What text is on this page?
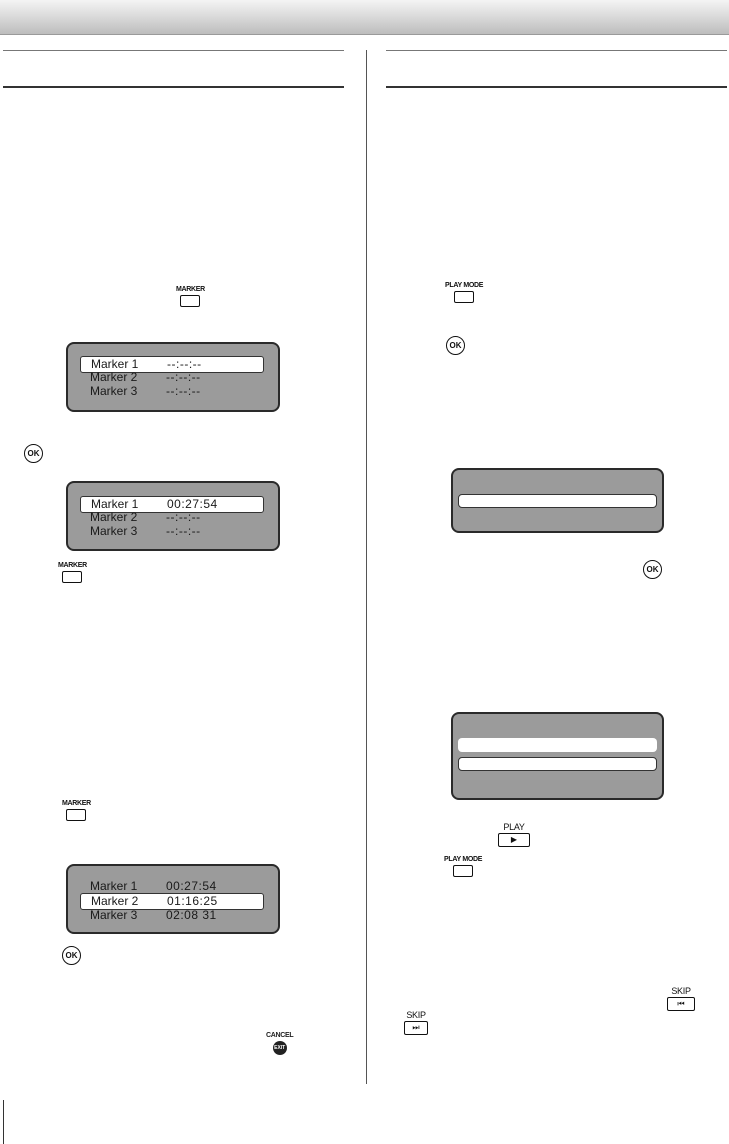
MARKER
Marker 1 --:--:--
Marker 2 --:--:--
Marker 3 --:--:--
OK
Marker 1 00:27:54
Marker 2 --:--:--
Marker 3 --:--:--
MARKER
MARKER
Marker 1 00:27:54
Marker 2 01:16:25
Marker 3 02:08 31
OK
CANCEL
EXIT
PLAY MODE
OK
OK
PLAY
▶
PLAY MODE
SKIP
⏮
SKIP
⏭
